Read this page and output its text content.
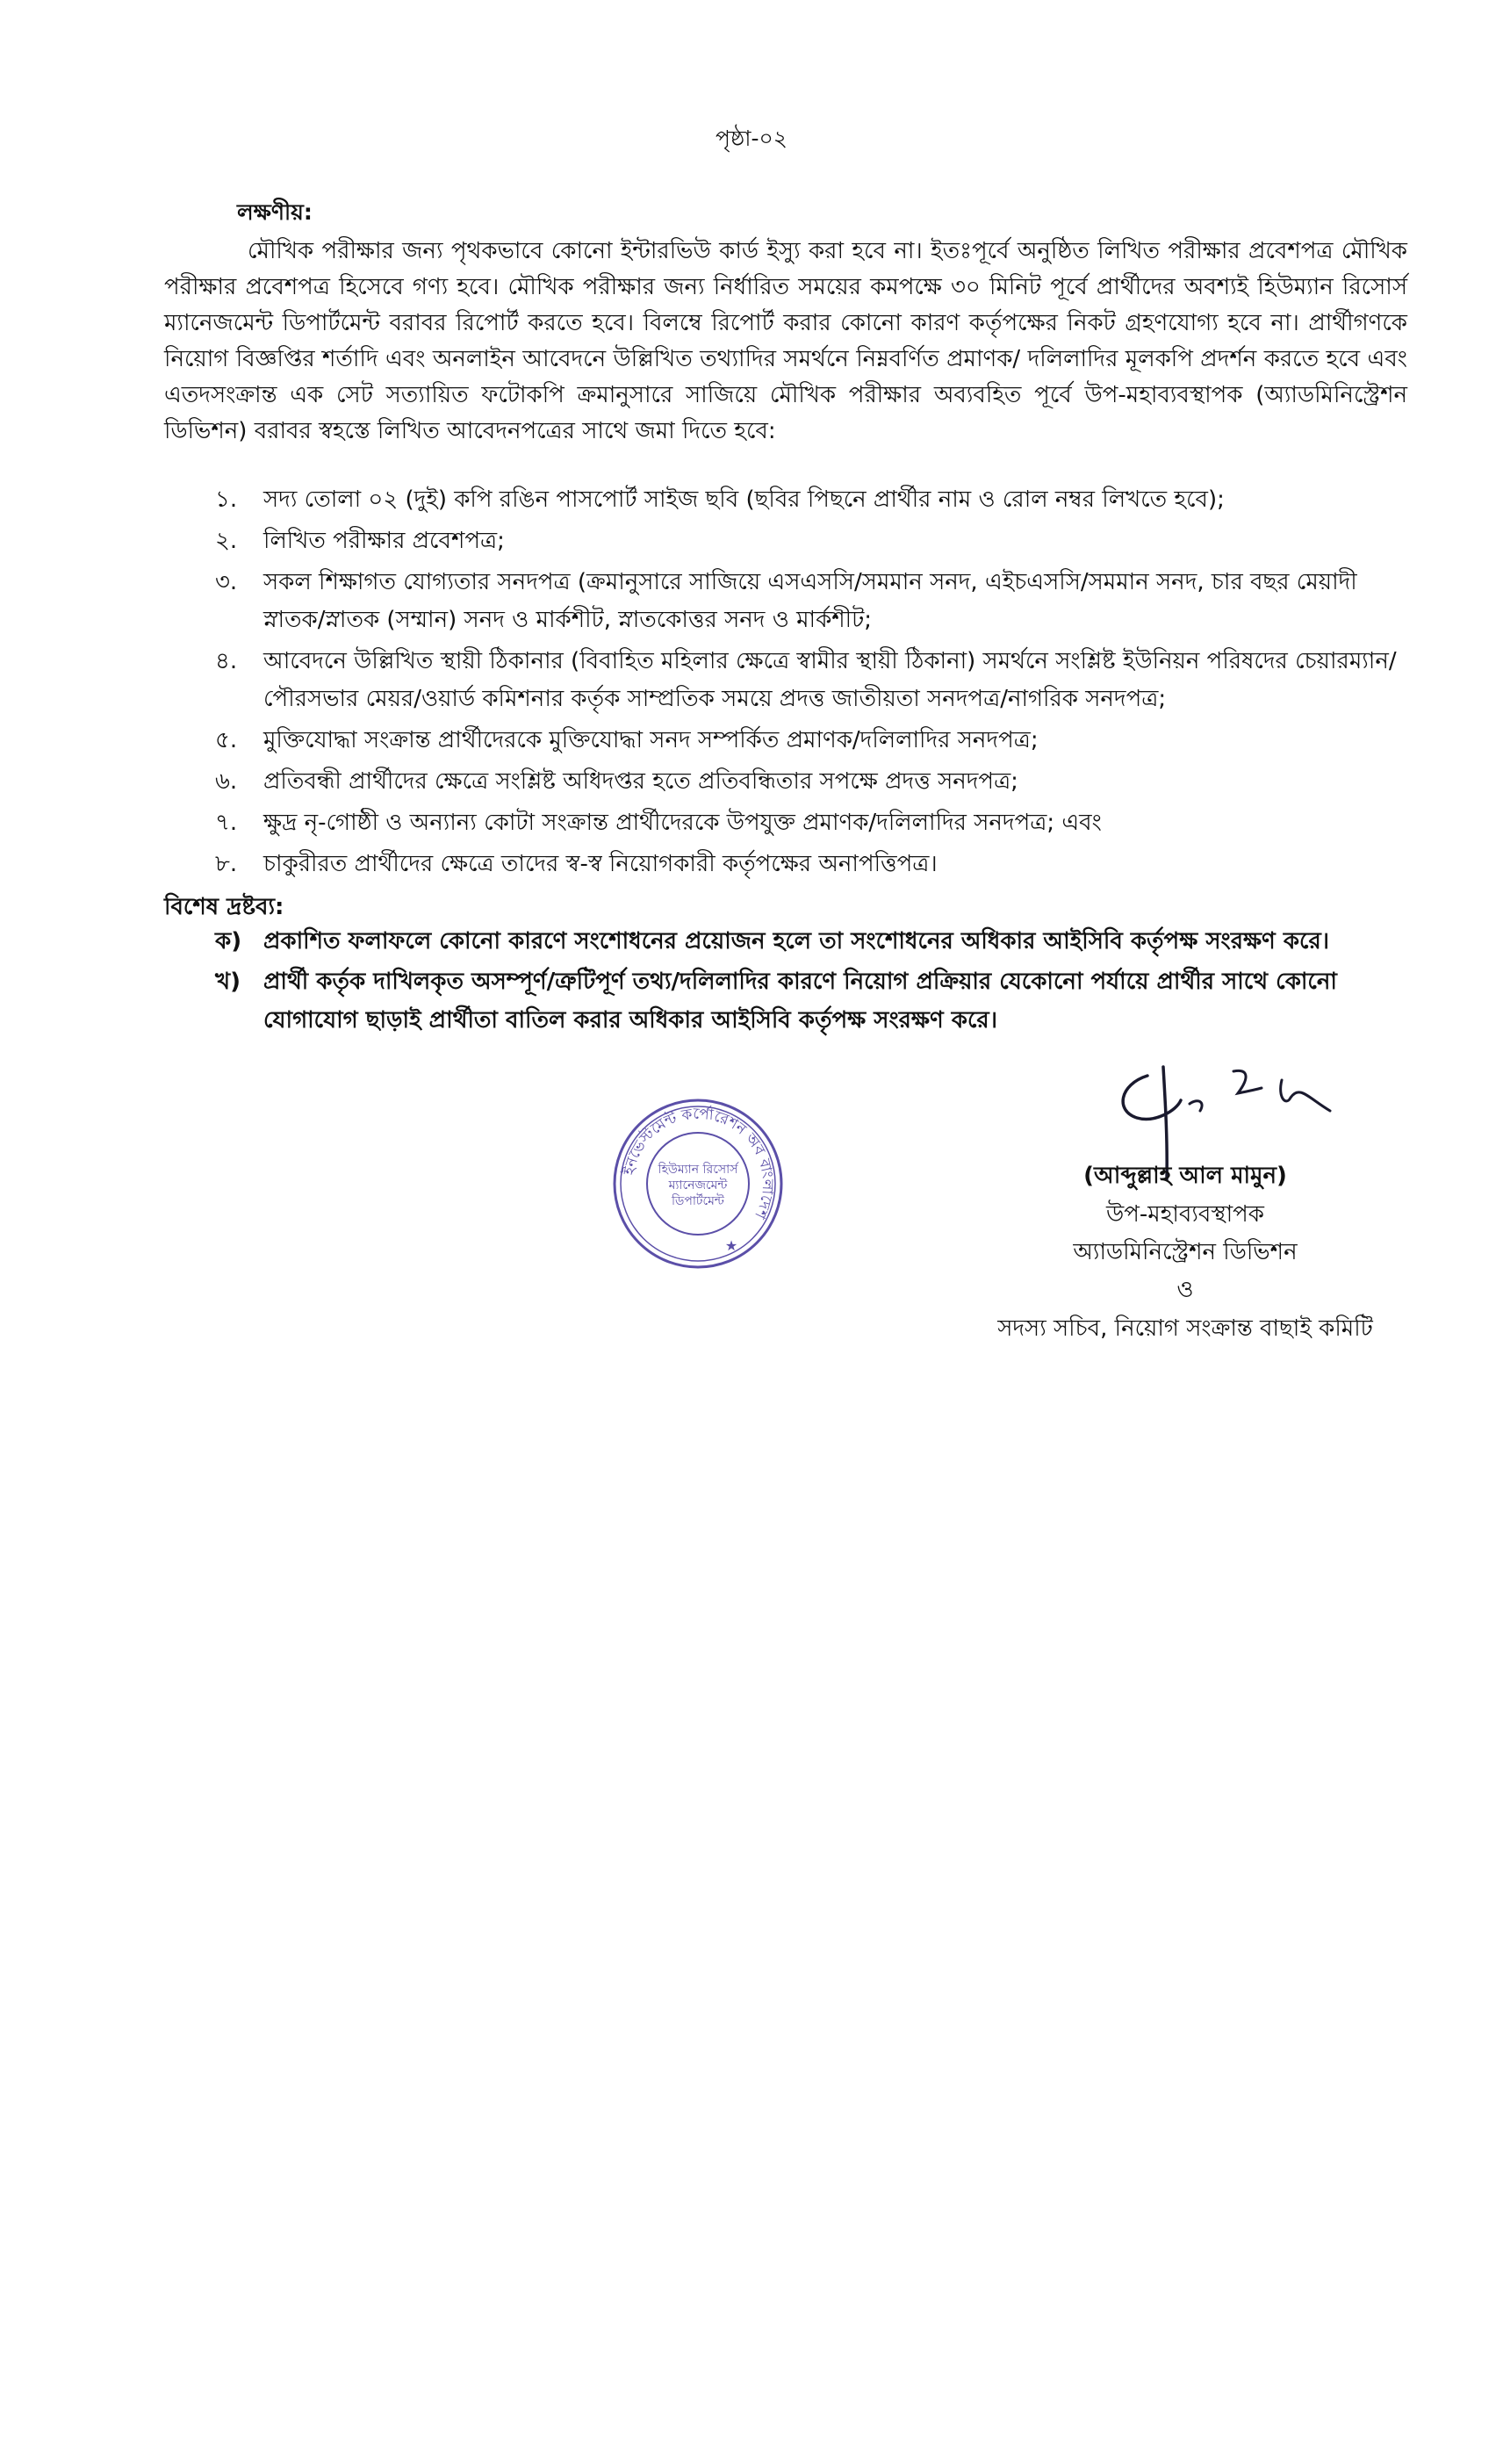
পৃষ্ঠা-০২
লক্ষণীয়:

মৌখিক পরীক্ষার জন্য পৃথকভাবে কোনো ইন্টারভিউ কার্ড ইস্যু করা হবে না। ইতঃপূর্বে অনুষ্ঠিত লিখিত পরীক্ষার প্রবেশপত্র মৌখিক পরীক্ষার প্রবেশপত্র হিসেবে গণ্য হবে। মৌখিক পরীক্ষার জন্য নির্ধারিত সময়ের কমপক্ষে ৩০ মিনিট পূর্বে প্রার্থীদের অবশ্যই হিউম্যান রিসোর্স ম্যানেজমেন্ট ডিপার্টমেন্ট বরাবর রিপোর্ট করতে হবে। বিলম্বে রিপোর্ট করার কোনো কারণ কর্তৃপক্ষের নিকট গ্রহণযোগ্য হবে না। প্রার্থীগণকে নিয়োগ বিজ্ঞপ্তির শর্তাদি এবং অনলাইন আবেদনে উল্লিখিত তথ্যাদির সমর্থনে নিম্নবর্ণিত প্রমাণক/ দলিলাদির মূলকপি প্রদর্শন করতে হবে এবং এতদসংক্রান্ত এক সেট সত্যায়িত ফটোকপি ক্রমানুসারে সাজিয়ে মৌখিক পরীক্ষার অব্যবহিত পূর্বে উপ-মহাব্যবস্থাপক (অ্যাডমিনিস্ট্রেশন ডিভিশন) বরাবর স্বহস্তে লিখিত আবেদনপত্রের সাথে জমা দিতে হবে:

১. সদ্য তোলা ০২ (দুই) কপি রঙিন পাসপোর্ট সাইজ ছবি (ছবির পিছনে প্রার্থীর নাম ও রোল নম্বর লিখতে হবে);
২. লিখিত পরীক্ষার প্রবেশপত্র;
৩. সকল শিক্ষাগত যোগ্যতার সনদপত্র (ক্রমানুসারে সাজিয়ে এসএসসি/সমমান সনদ, এইচএসসি/সমমান সনদ, চার বছর মেয়াদী স্নাতক/স্নাতক (সম্মান) সনদ ও মার্কশীট, স্নাতকোত্তর সনদ ও মার্কশীট;
৪. আবেদনে উল্লিখিত স্থায়ী ঠিকানার (বিবাহিত মহিলার ক্ষেত্রে স্বামীর স্থায়ী ঠিকানা) সমর্থনে সংশ্লিষ্ট ইউনিয়ন পরিষদের চেয়ারম্যান/ পৌরসভার মেয়র/ওয়ার্ড কমিশনার কর্তৃক সাম্প্রতিক সময়ে প্রদত্ত জাতীয়তা সনদপত্র/নাগরিক সনদপত্র;
৫. মুক্তিযোদ্ধা সংক্রান্ত প্রার্থীদেরকে মুক্তিযোদ্ধা সনদ সম্পর্কিত প্রমাণক/দলিলাদির সনদপত্র;
৬. প্রতিবন্ধী প্রার্থীদের ক্ষেত্রে সংশ্লিষ্ট অধিদপ্তর হতে প্রতিবন্ধিতার সপক্ষে প্রদত্ত সনদপত্র;
৭. ক্ষুদ্র নৃ-গোষ্ঠী ও অন্যান্য কোটা সংক্রান্ত প্রার্থীদেরকে উপযুক্ত প্রমাণক/দলিলাদির সনদপত্র; এবং
৮. চাকুরীরত প্রার্থীদের ক্ষেত্রে তাদের স্ব-স্ব নিয়োগকারী কর্তৃপক্ষের অনাপত্তিপত্র।
বিশেষ দ্রষ্টব্য:
ক) প্রকাশিত ফলাফলে কোনো কারণে সংশোধনের প্রয়োজন হলে তা সংশোধনের অধিকার আইসিবি কর্তৃপক্ষ সংরক্ষণ করে।
খ) প্রার্থী কর্তৃক দাখিলকৃত অসম্পূর্ণ/ত্রুটিপূর্ণ তথ্য/দলিলাদির কারণে নিয়োগ প্রক্রিয়ার যেকোনো পর্যায়ে প্রার্থীর সাথে কোনো যোগাযোগ ছাড়াই প্রার্থীতা বাতিল করার অধিকার আইসিবি কর্তৃপক্ষ সংরক্ষণ করে।
ইনভেস্টমেন্ট কর্পোরেশন অব বাংলাদেশ
হিউম্যান রিসোর্স
ম্যানেজমেন্ট
ডিপার্টমেন্ট
★
(আব্দুল্লাহ আল মামুন)
উপ-মহাব্যবস্থাপক
অ্যাডমিনিস্ট্রেশন ডিভিশন
ও
সদস্য সচিব, নিয়োগ সংক্রান্ত বাছাই কমিটি
